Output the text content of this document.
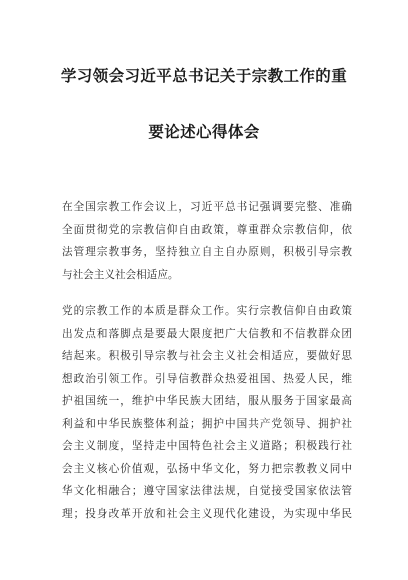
学习领会习近平总书记关于宗教工作的重
要论述心得体会
在全国宗教工作会议上，习近平总书记强调要完整、准确
全面贯彻党的宗教信仰自由政策，尊重群众宗教信仰，依
法管理宗教事务，坚持独立自主自办原则，积极引导宗教
与社会主义社会相适应。
党的宗教工作的本质是群众工作。实行宗教信仰自由政策
出发点和落脚点是要最大限度把广大信教和不信教群众团
结起来。积极引导宗教与社会主义社会相适应，要做好思
想政治引领工作。引导信教群众热爱祖国、热爱人民，维
护祖国统一，维护中华民族大团结，服从服务于国家最高
利益和中华民族整体利益；拥护中国共产党领导、拥护社
会主义制度，坚持走中国特色社会主义道路；积极践行社
会主义核心价值观，弘扬中华文化，努力把宗教教义同中
华文化相融合；遵守国家法律法规，自觉接受国家依法管
理；投身改革开放和社会主义现代化建设，为实现中华民
